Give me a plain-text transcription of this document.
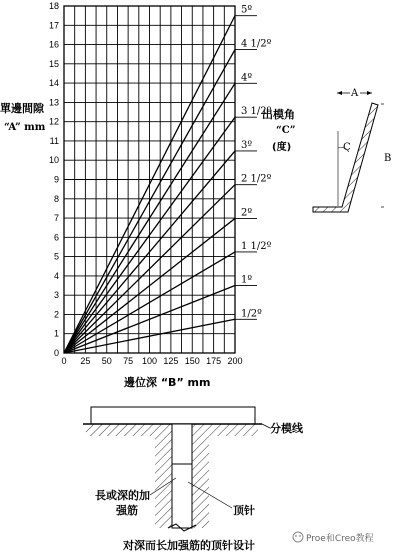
1/2º
1º
1 1/2º
2º
2 1/2º
3º
3 1/2º
4º
4 1/2º
5º
0
1
2
3
4
5
6
7
8
9
10
11
12
13
14
15
16
17
18
0 25 50 75 100 125 150 175 200
單邊間隙
“A” mm
邊位深 “B” mm
出模角
“C”
(度)
A
C
B
分模线
長或深的加
强筋	顶针
对深而长加强筋的顶针设计	Proe和Creo教程
